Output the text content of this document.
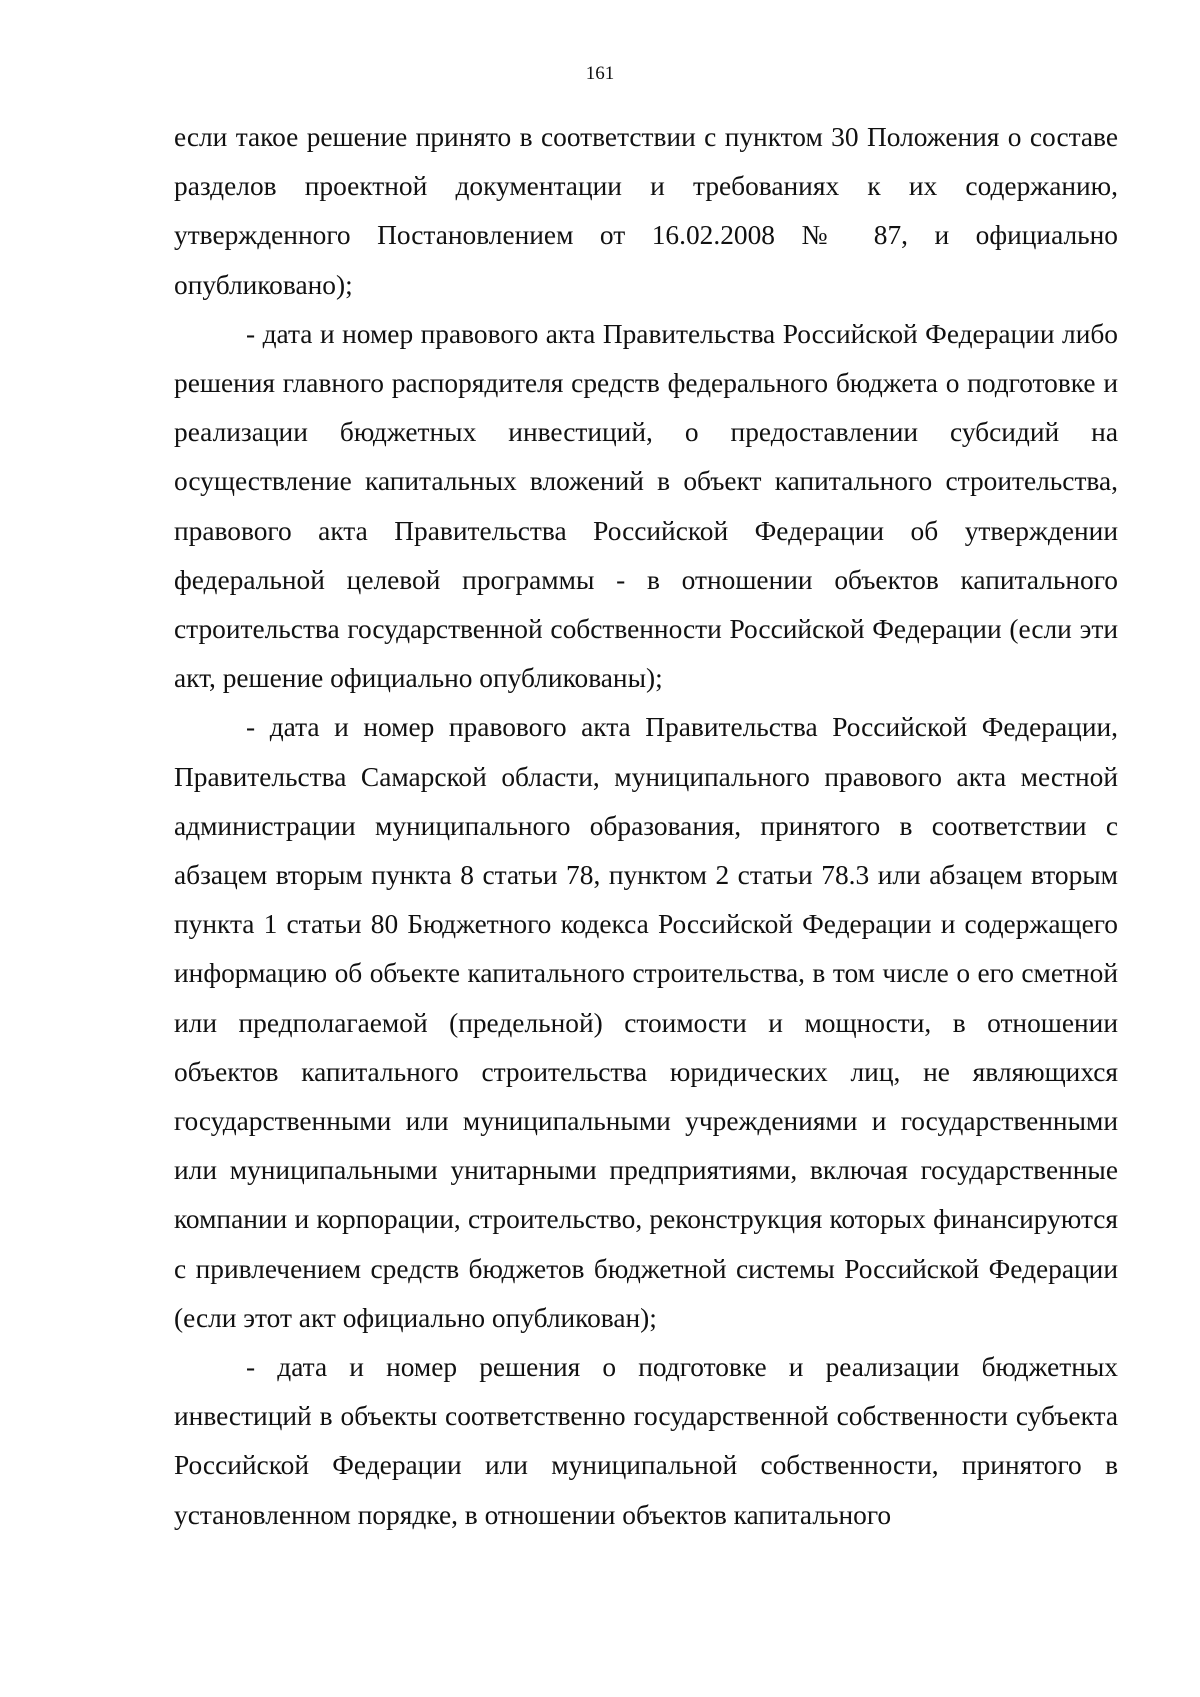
161

если такое решение принято в соответствии с пунктом 30 Положения о составе разделов проектной документации и требованиях к их содержанию, утвержденного Постановлением от 16.02.2008 № 87, и официально опубликовано);

- дата и номер правового акта Правительства Российской Федерации либо решения главного распорядителя средств федерального бюджета о подготовке и реализации бюджетных инвестиций, о предоставлении субсидий на осуществление капитальных вложений в объект капитального строительства, правового акта Правительства Российской Федерации об утверждении федеральной целевой программы - в отношении объектов капитального строительства государственной собственности Российской Федерации (если эти акт, решение официально опубликованы);

- дата и номер правового акта Правительства Российской Федерации, Правительства Самарской области, муниципального правового акта местной администрации муниципального образования, принятого в соответствии с абзацем вторым пункта 8 статьи 78, пунктом 2 статьи 78.3 или абзацем вторым пункта 1 статьи 80 Бюджетного кодекса Российской Федерации и содержащего информацию об объекте капитального строительства, в том числе о его сметной или предполагаемой (предельной) стоимости и мощности, в отношении объектов капитального строительства юридических лиц, не являющихся государственными или муниципальными учреждениями и государственными или муниципальными унитарными предприятиями, включая государственные компании и корпорации, строительство, реконструкция которых финансируются с привлечением средств бюджетов бюджетной системы Российской Федерации (если этот акт официально опубликован);

- дата и номер решения о подготовке и реализации бюджетных инвестиций в объекты соответственно государственной собственности субъекта Российской Федерации или муниципальной собственности, принятого в установленном порядке, в отношении объектов капитального
